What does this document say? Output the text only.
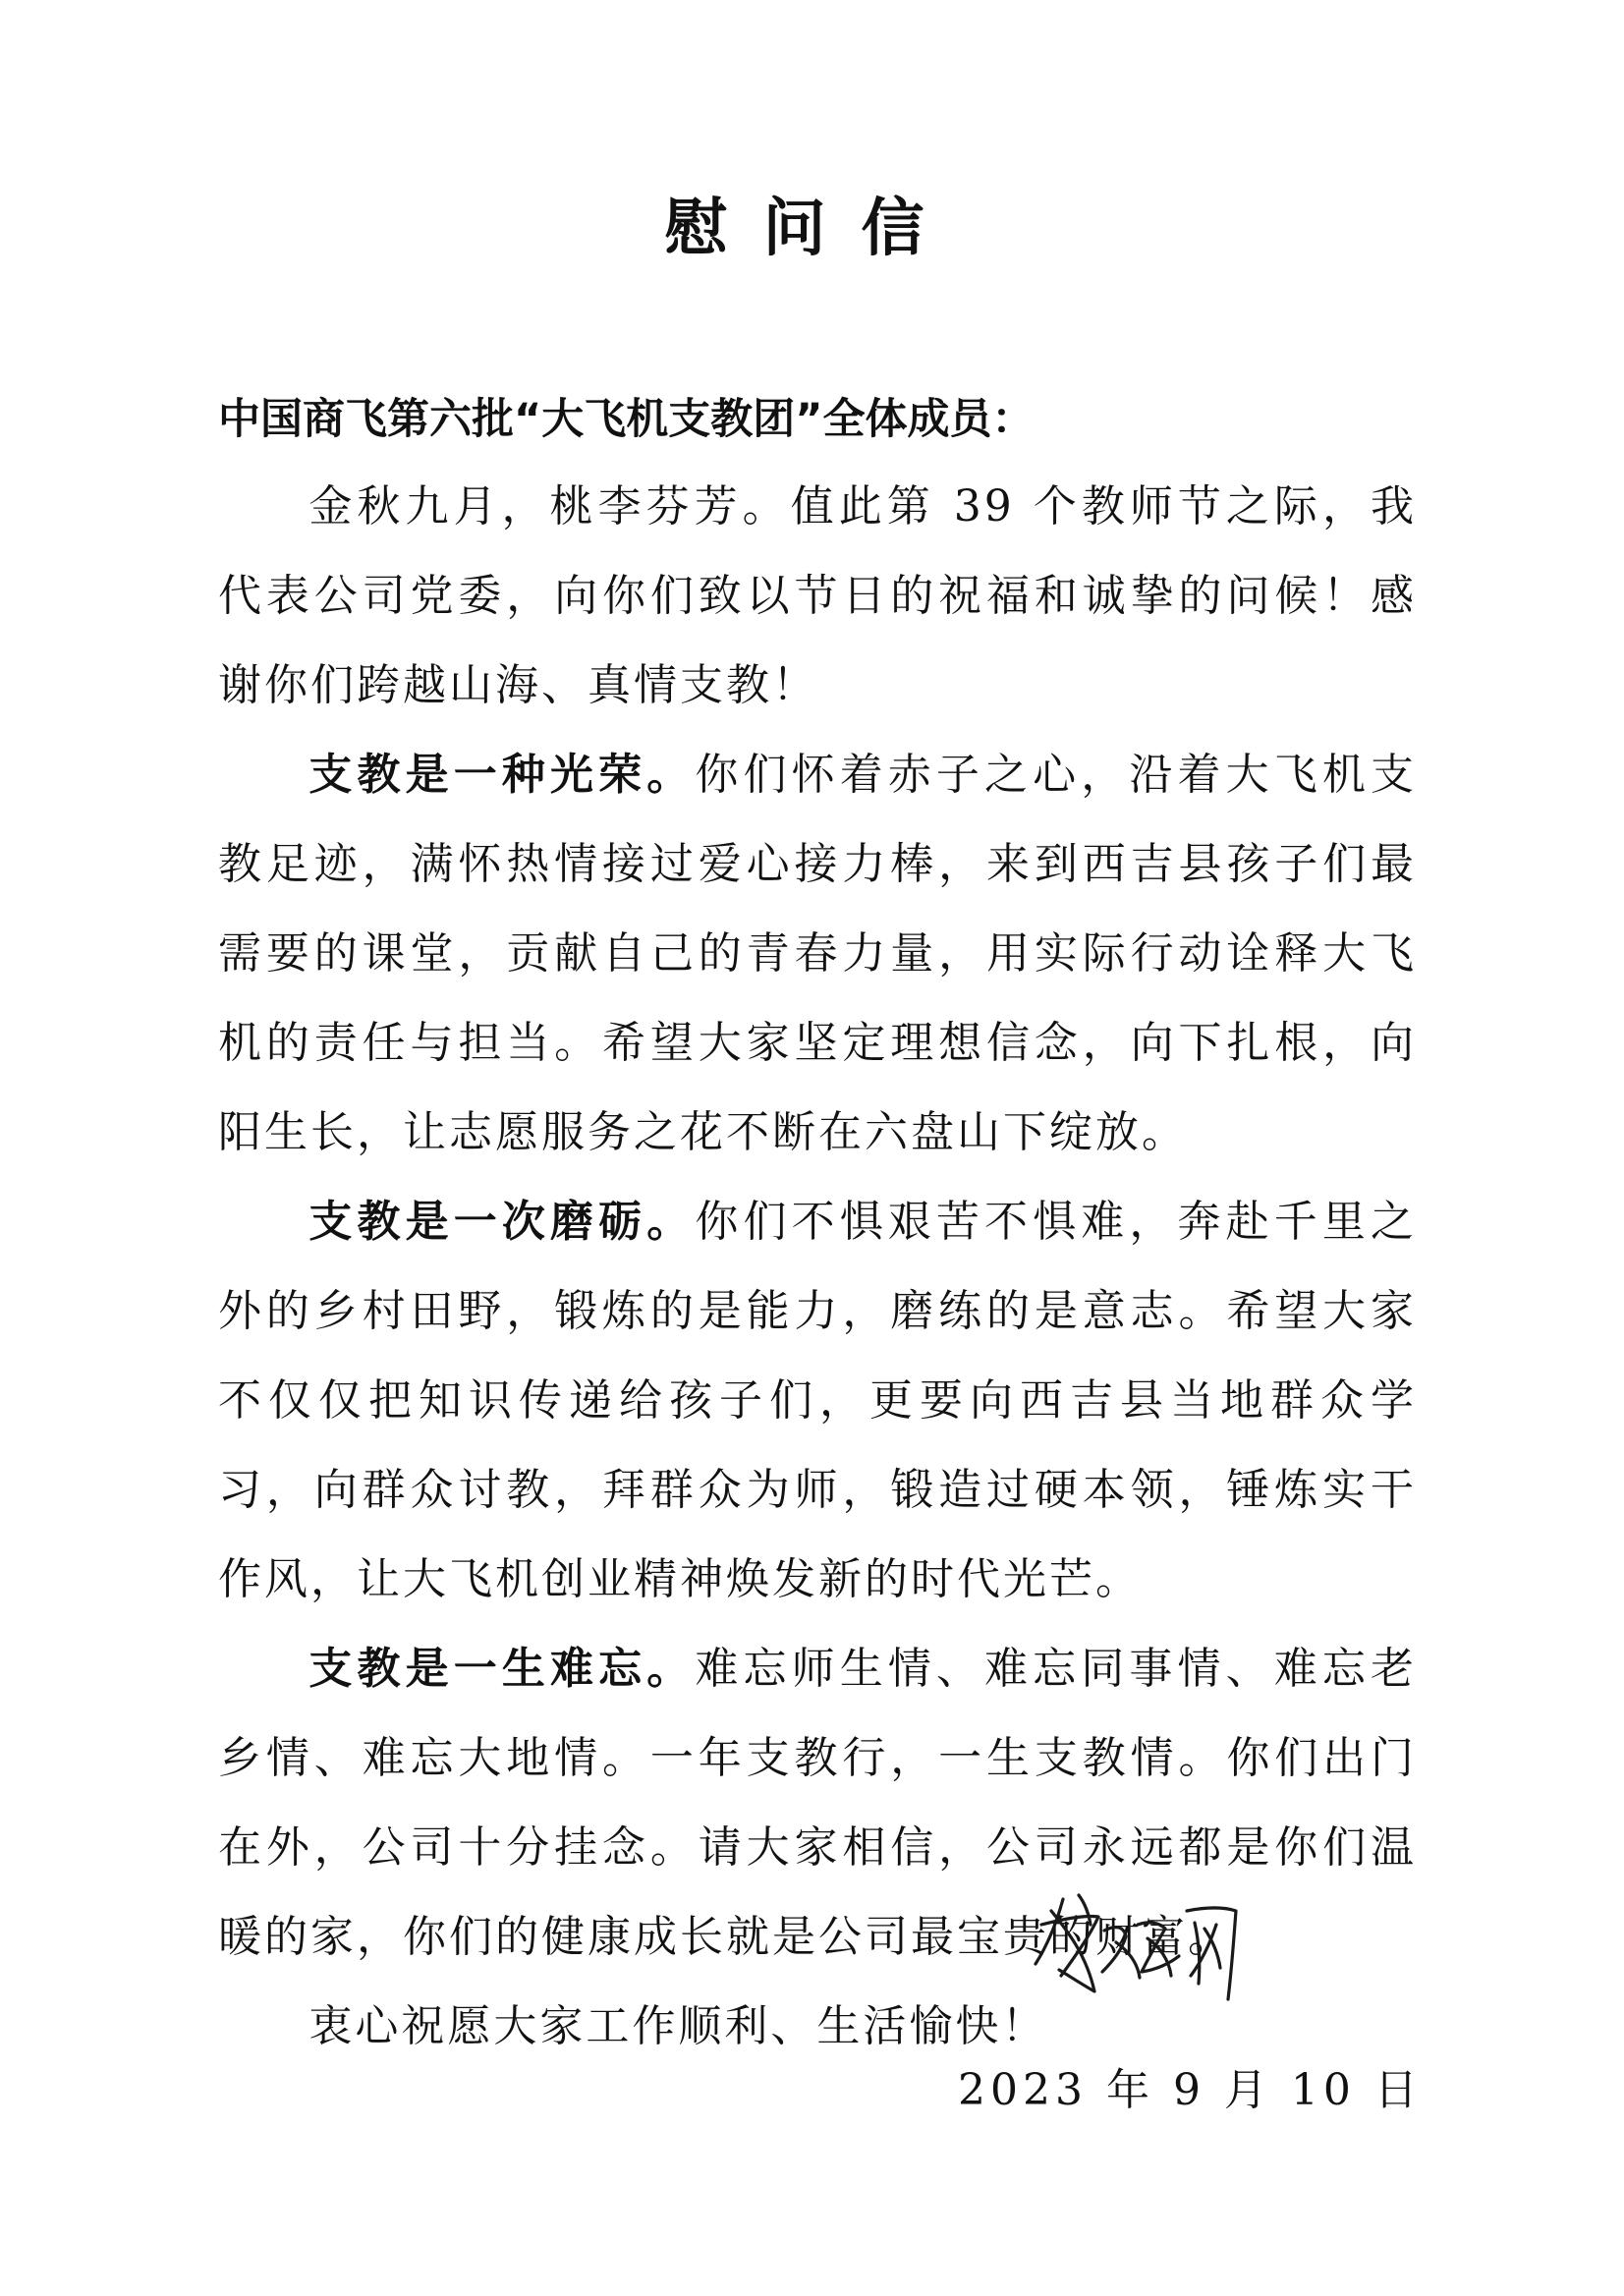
慰问信
中国商飞第六批“大飞机支教团”全体成员：

金秋九月，桃李芬芳。值此第 39 个教师节之际，我代表公司党委，向你们致以节日的祝福和诚挚的问候！感谢你们跨越山海、真情支教！

支教是一种光荣。你们怀着赤子之心，沿着大飞机支教足迹，满怀热情接过爱心接力棒，来到西吉县孩子们最需要的课堂，贡献自己的青春力量，用实际行动诠释大飞机的责任与担当。希望大家坚定理想信念，向下扎根，向阳生长，让志愿服务之花不断在六盘山下绽放。

支教是一次磨砺。你们不惧艰苦不惧难，奔赴千里之外的乡村田野，锻炼的是能力，磨练的是意志。希望大家不仅仅把知识传递给孩子们，更要向西吉县当地群众学习，向群众讨教，拜群众为师，锻造过硬本领，锤炼实干作风，让大飞机创业精神焕发新的时代光芒。

支教是一生难忘。难忘师生情、难忘同事情、难忘老乡情、难忘大地情。一年支教行，一生支教情。你们出门在外，公司十分挂念。请大家相信，公司永远都是你们温暖的家，你们的健康成长就是公司最宝贵的财富。

衷心祝愿大家工作顺利、生活愉快！

2023 年 9 月 10 日
